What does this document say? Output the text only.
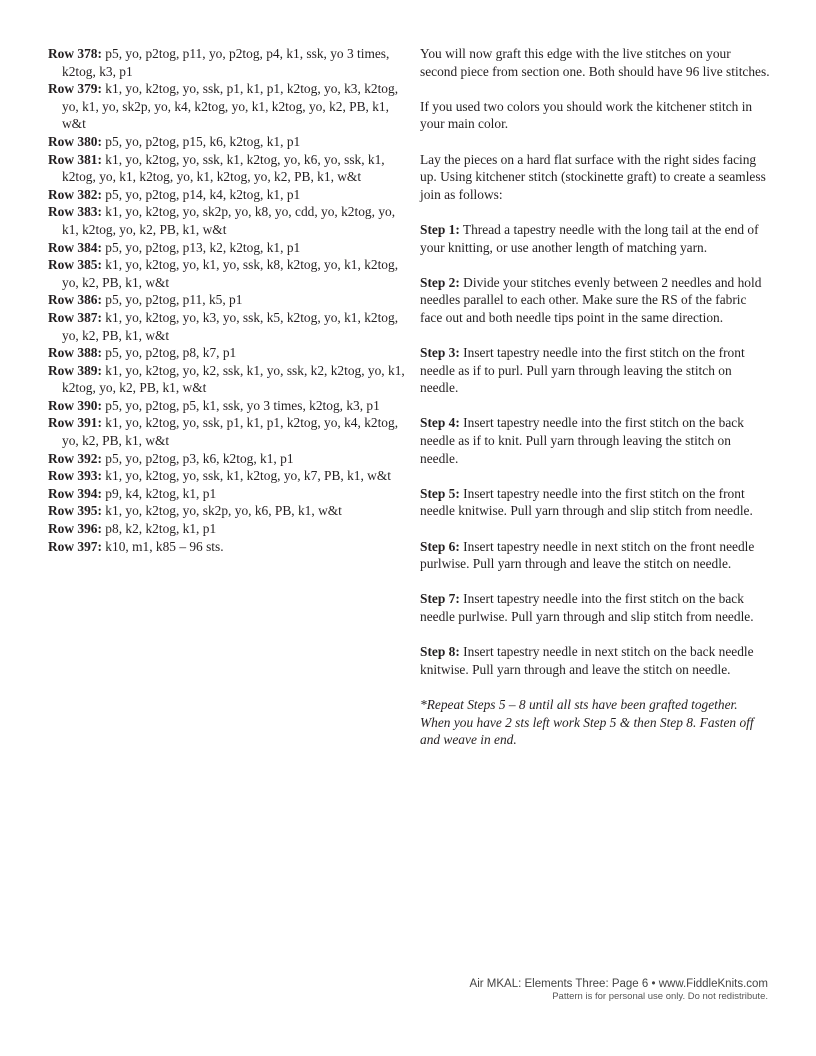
Row 378: p5, yo, p2tog, p11, yo, p2tog, p4, k1, ssk, yo 3 times, k2tog, k3, p1

Row 379: k1, yo, k2tog, yo, ssk, p1, k1, p1, k2tog, yo, k3, k2tog, yo, k1, yo, sk2p, yo, k4, k2tog, yo, k1, k2tog, yo, k2, PB, k1, w&t

Row 380: p5, yo, p2tog, p15, k6, k2tog, k1, p1

Row 381: k1, yo, k2tog, yo, ssk, k1, k2tog, yo, k6, yo, ssk, k1, k2tog, yo, k1, k2tog, yo, k1, k2tog, yo, k2, PB, k1, w&t

Row 382: p5, yo, p2tog, p14, k4, k2tog, k1, p1

Row 383: k1, yo, k2tog, yo, sk2p, yo, k8, yo, cdd, yo, k2tog, yo, k1, k2tog, yo, k2, PB, k1, w&t

Row 384: p5, yo, p2tog, p13, k2, k2tog, k1, p1

Row 385: k1, yo, k2tog, yo, k1, yo, ssk, k8, k2tog, yo, k1, k2tog, yo, k2, PB, k1, w&t

Row 386: p5, yo, p2tog, p11, k5, p1

Row 387: k1, yo, k2tog, yo, k3, yo, ssk, k5, k2tog, yo, k1, k2tog, yo, k2, PB, k1, w&t

Row 388: p5, yo, p2tog, p8, k7, p1

Row 389: k1, yo, k2tog, yo, k2, ssk, k1, yo, ssk, k2, k2tog, yo, k1, k2tog, yo, k2, PB, k1, w&t

Row 390: p5, yo, p2tog, p5, k1, ssk, yo 3 times, k2tog, k3, p1

Row 391: k1, yo, k2tog, yo, ssk, p1, k1, p1, k2tog, yo, k4, k2tog, yo, k2, PB, k1, w&t

Row 392: p5, yo, p2tog, p3, k6, k2tog, k1, p1

Row 393: k1, yo, k2tog, yo, ssk, k1, k2tog, yo, k7, PB, k1, w&t

Row 394: p9, k4, k2tog, k1, p1

Row 395: k1, yo, k2tog, yo, sk2p, yo, k6, PB, k1, w&t

Row 396: p8, k2, k2tog, k1, p1

Row 397: k10, m1, k85 – 96 sts.

You will now graft this edge with the live stitches on your second piece from section one. Both should have 96 live stitches.

If you used two colors you should work the kitchener stitch in your main color.

Lay the pieces on a hard flat surface with the right sides facing up. Using kitchener stitch (stockinette graft) to create a seamless join as follows:

Step 1: Thread a tapestry needle with the long tail at the end of your knitting, or use another length of matching yarn.

Step 2: Divide your stitches evenly between 2 needles and hold needles parallel to each other. Make sure the RS of the fabric face out and both needle tips point in the same direction.

Step 3: Insert tapestry needle into the first stitch on the front needle as if to purl. Pull yarn through leaving the stitch on needle.

Step 4: Insert tapestry needle into the first stitch on the back needle as if to knit. Pull yarn through leaving the stitch on needle.

Step 5: Insert tapestry needle into the first stitch on the front needle knitwise. Pull yarn through and slip stitch from needle.

Step 6: Insert tapestry needle in next stitch on the front needle purlwise. Pull yarn through and leave the stitch on needle.

Step 7: Insert tapestry needle into the first stitch on the back needle purlwise. Pull yarn through and slip stitch from needle.

Step 8: Insert tapestry needle in next stitch on the back needle knitwise. Pull yarn through and leave the stitch on needle.

*Repeat Steps 5 – 8 until all sts have been grafted together. When you have 2 sts left work Step 5 & then Step 8. Fasten off and weave in end.

Air MKAL: Elements Three: Page 6 • www.FiddleKnits.com
Pattern is for personal use only. Do not redistribute.
